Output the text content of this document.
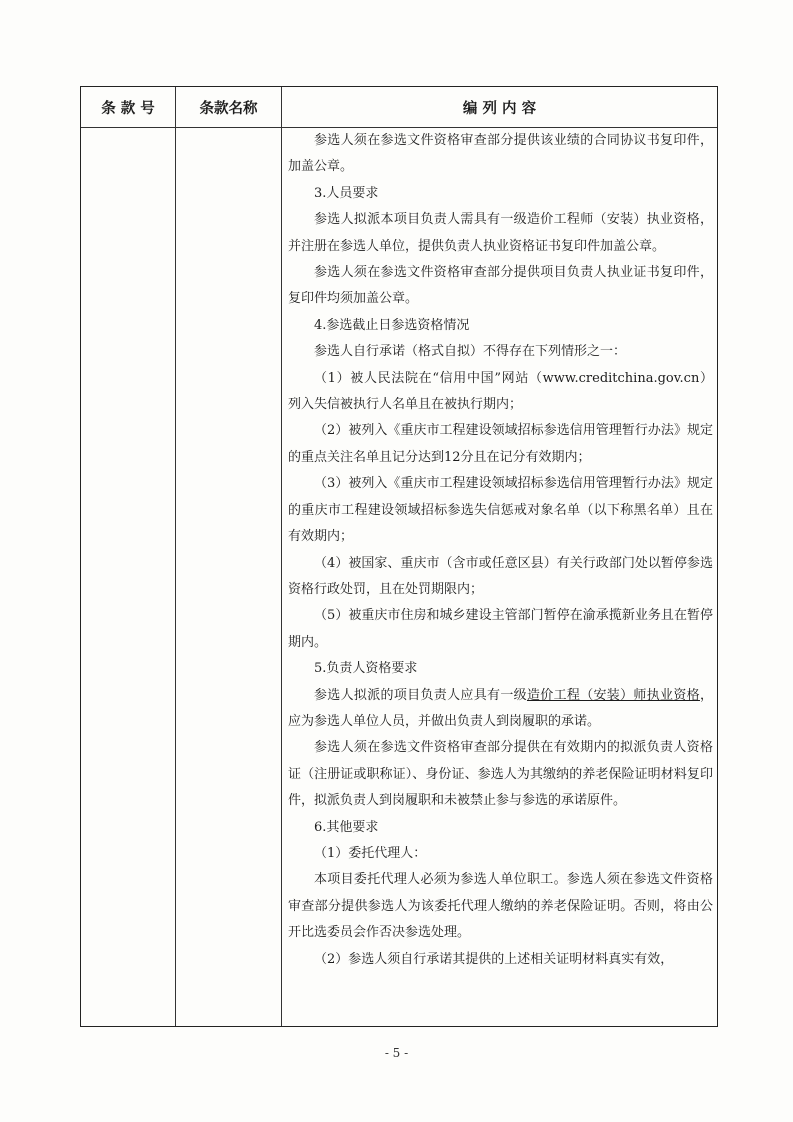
条 款 号	条款名称	编 列 内 容

参选人须在参选文件资格审查部分提供该业绩的合同协议书复印件，加盖公章。

3.人员要求

参选人拟派本项目负责人需具有一级造价工程师（安装）执业资格，并注册在参选人单位，提供负责人执业资格证书复印件加盖公章。

参选人须在参选文件资格审查部分提供项目负责人执业证书复印件，复印件均须加盖公章。

4.参选截止日参选资格情况

参选人自行承诺（格式自拟）不得存在下列情形之一：

（1）被人民法院在“信用中国”网站（www.creditchina.gov.cn）列入失信被执行人名单且在被执行期内；

（2）被列入《重庆市工程建设领域招标参选信用管理暂行办法》规定的重点关注名单且记分达到12分且在记分有效期内；

（3）被列入《重庆市工程建设领域招标参选信用管理暂行办法》规定的重庆市工程建设领域招标参选失信惩戒对象名单（以下称黑名单）且在有效期内；

（4）被国家、重庆市（含市或任意区县）有关行政部门处以暂停参选资格行政处罚，且在处罚期限内；

（5）被重庆市住房和城乡建设主管部门暂停在渝承揽新业务且在暂停期内。

5.负责人资格要求

参选人拟派的项目负责人应具有一级造价工程（安装）师执业资格，应为参选人单位人员，并做出负责人到岗履职的承诺。

参选人须在参选文件资格审查部分提供在有效期内的拟派负责人资格证（注册证或职称证）、身份证、参选人为其缴纳的养老保险证明材料复印件，拟派负责人到岗履职和未被禁止参与参选的承诺原件。

6.其他要求

（1）委托代理人：

本项目委托代理人必须为参选人单位职工。参选人须在参选文件资格审查部分提供参选人为该委托代理人缴纳的养老保险证明。否则，将由公开比选委员会作否决参选处理。

（2）参选人须自行承诺其提供的上述相关证明材料真实有效，

- 5 -
